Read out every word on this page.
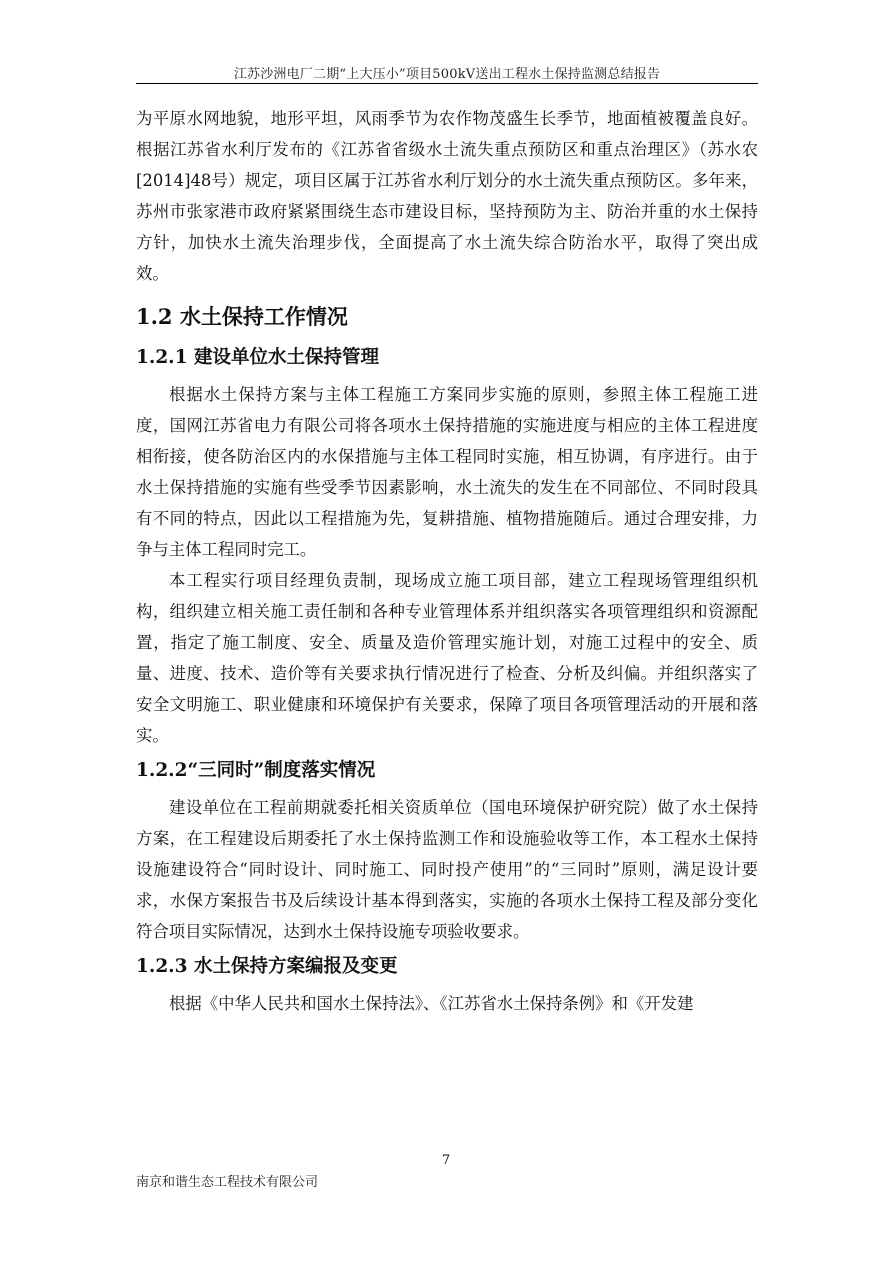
江苏沙洲电厂二期“上大压小”项目500kV送出工程水土保持监测总结报告

为平原水网地貌，地形平坦，风雨季节为农作物茂盛生长季节，地面植被覆盖良好。根据江苏省水利厅发布的《江苏省省级水土流失重点预防区和重点治理区》（苏水农[2014]48号）规定，项目区属于江苏省水利厅划分的水土流失重点预防区。多年来，苏州市张家港市政府紧紧围绕生态市建设目标，坚持预防为主、防治并重的水土保持方针，加快水土流失治理步伐，全面提高了水土流失综合防治水平，取得了突出成效。

1.2 水土保持工作情况
1.2.1 建设单位水土保持管理

根据水土保持方案与主体工程施工方案同步实施的原则，参照主体工程施工进度，国网江苏省电力有限公司将各项水土保持措施的实施进度与相应的主体工程进度相衔接，使各防治区内的水保措施与主体工程同时实施，相互协调，有序进行。由于水土保持措施的实施有些受季节因素影响，水土流失的发生在不同部位、不同时段具有不同的特点，因此以工程措施为先，复耕措施、植物措施随后。通过合理安排，力争与主体工程同时完工。

本工程实行项目经理负责制，现场成立施工项目部，建立工程现场管理组织机构，组织建立相关施工责任制和各种专业管理体系并组织落实各项管理组织和资源配置，指定了施工制度、安全、质量及造价管理实施计划，对施工过程中的安全、质量、进度、技术、造价等有关要求执行情况进行了检查、分析及纠偏。并组织落实了安全文明施工、职业健康和环境保护有关要求，保障了项目各项管理活动的开展和落实。

1.2.2“三同时”制度落实情况

建设单位在工程前期就委托相关资质单位（国电环境保护研究院）做了水土保持方案，在工程建设后期委托了水土保持监测工作和设施验收等工作，本工程水土保持设施建设符合“同时设计、同时施工、同时投产使用”的“三同时”原则，满足设计要求，水保方案报告书及后续设计基本得到落实，实施的各项水土保持工程及部分变化符合项目实际情况，达到水土保持设施专项验收要求。

1.2.3 水土保持方案编报及变更

根据《中华人民共和国水土保持法》、《江苏省水土保持条例》和《开发建

7
南京和谐生态工程技术有限公司
